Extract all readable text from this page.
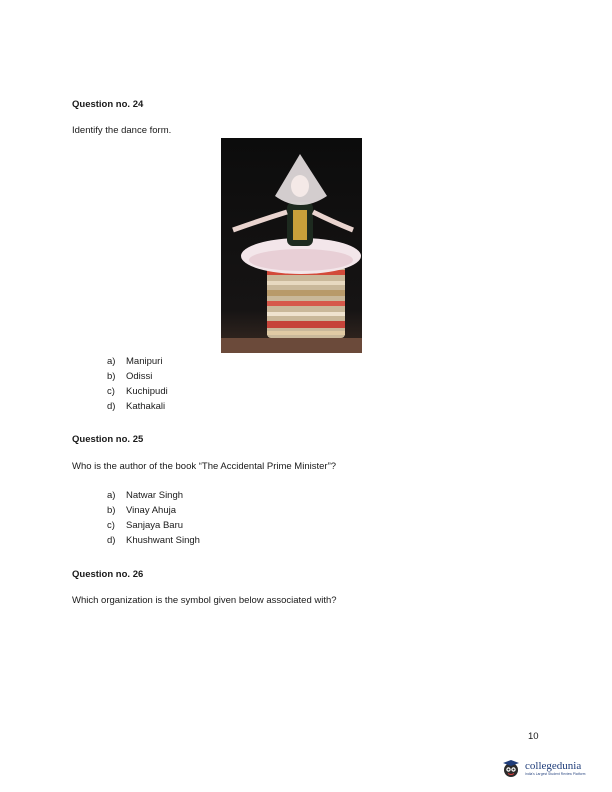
Question no. 24
Identify the dance form.
a)	Manipuri
b)	Odissi
c)	Kuchipudi
d)	Kathakali
Question no. 25
Who is the author of the book “The Accidental Prime Minister”?
a)	Natwar Singh
b)	Vinay Ahuja
c)	Sanjaya Baru
d)	Khushwant Singh
Question no. 26
Which organization is the symbol given below associated with?
10
collegedunia
India's Largest Student Review Platform
